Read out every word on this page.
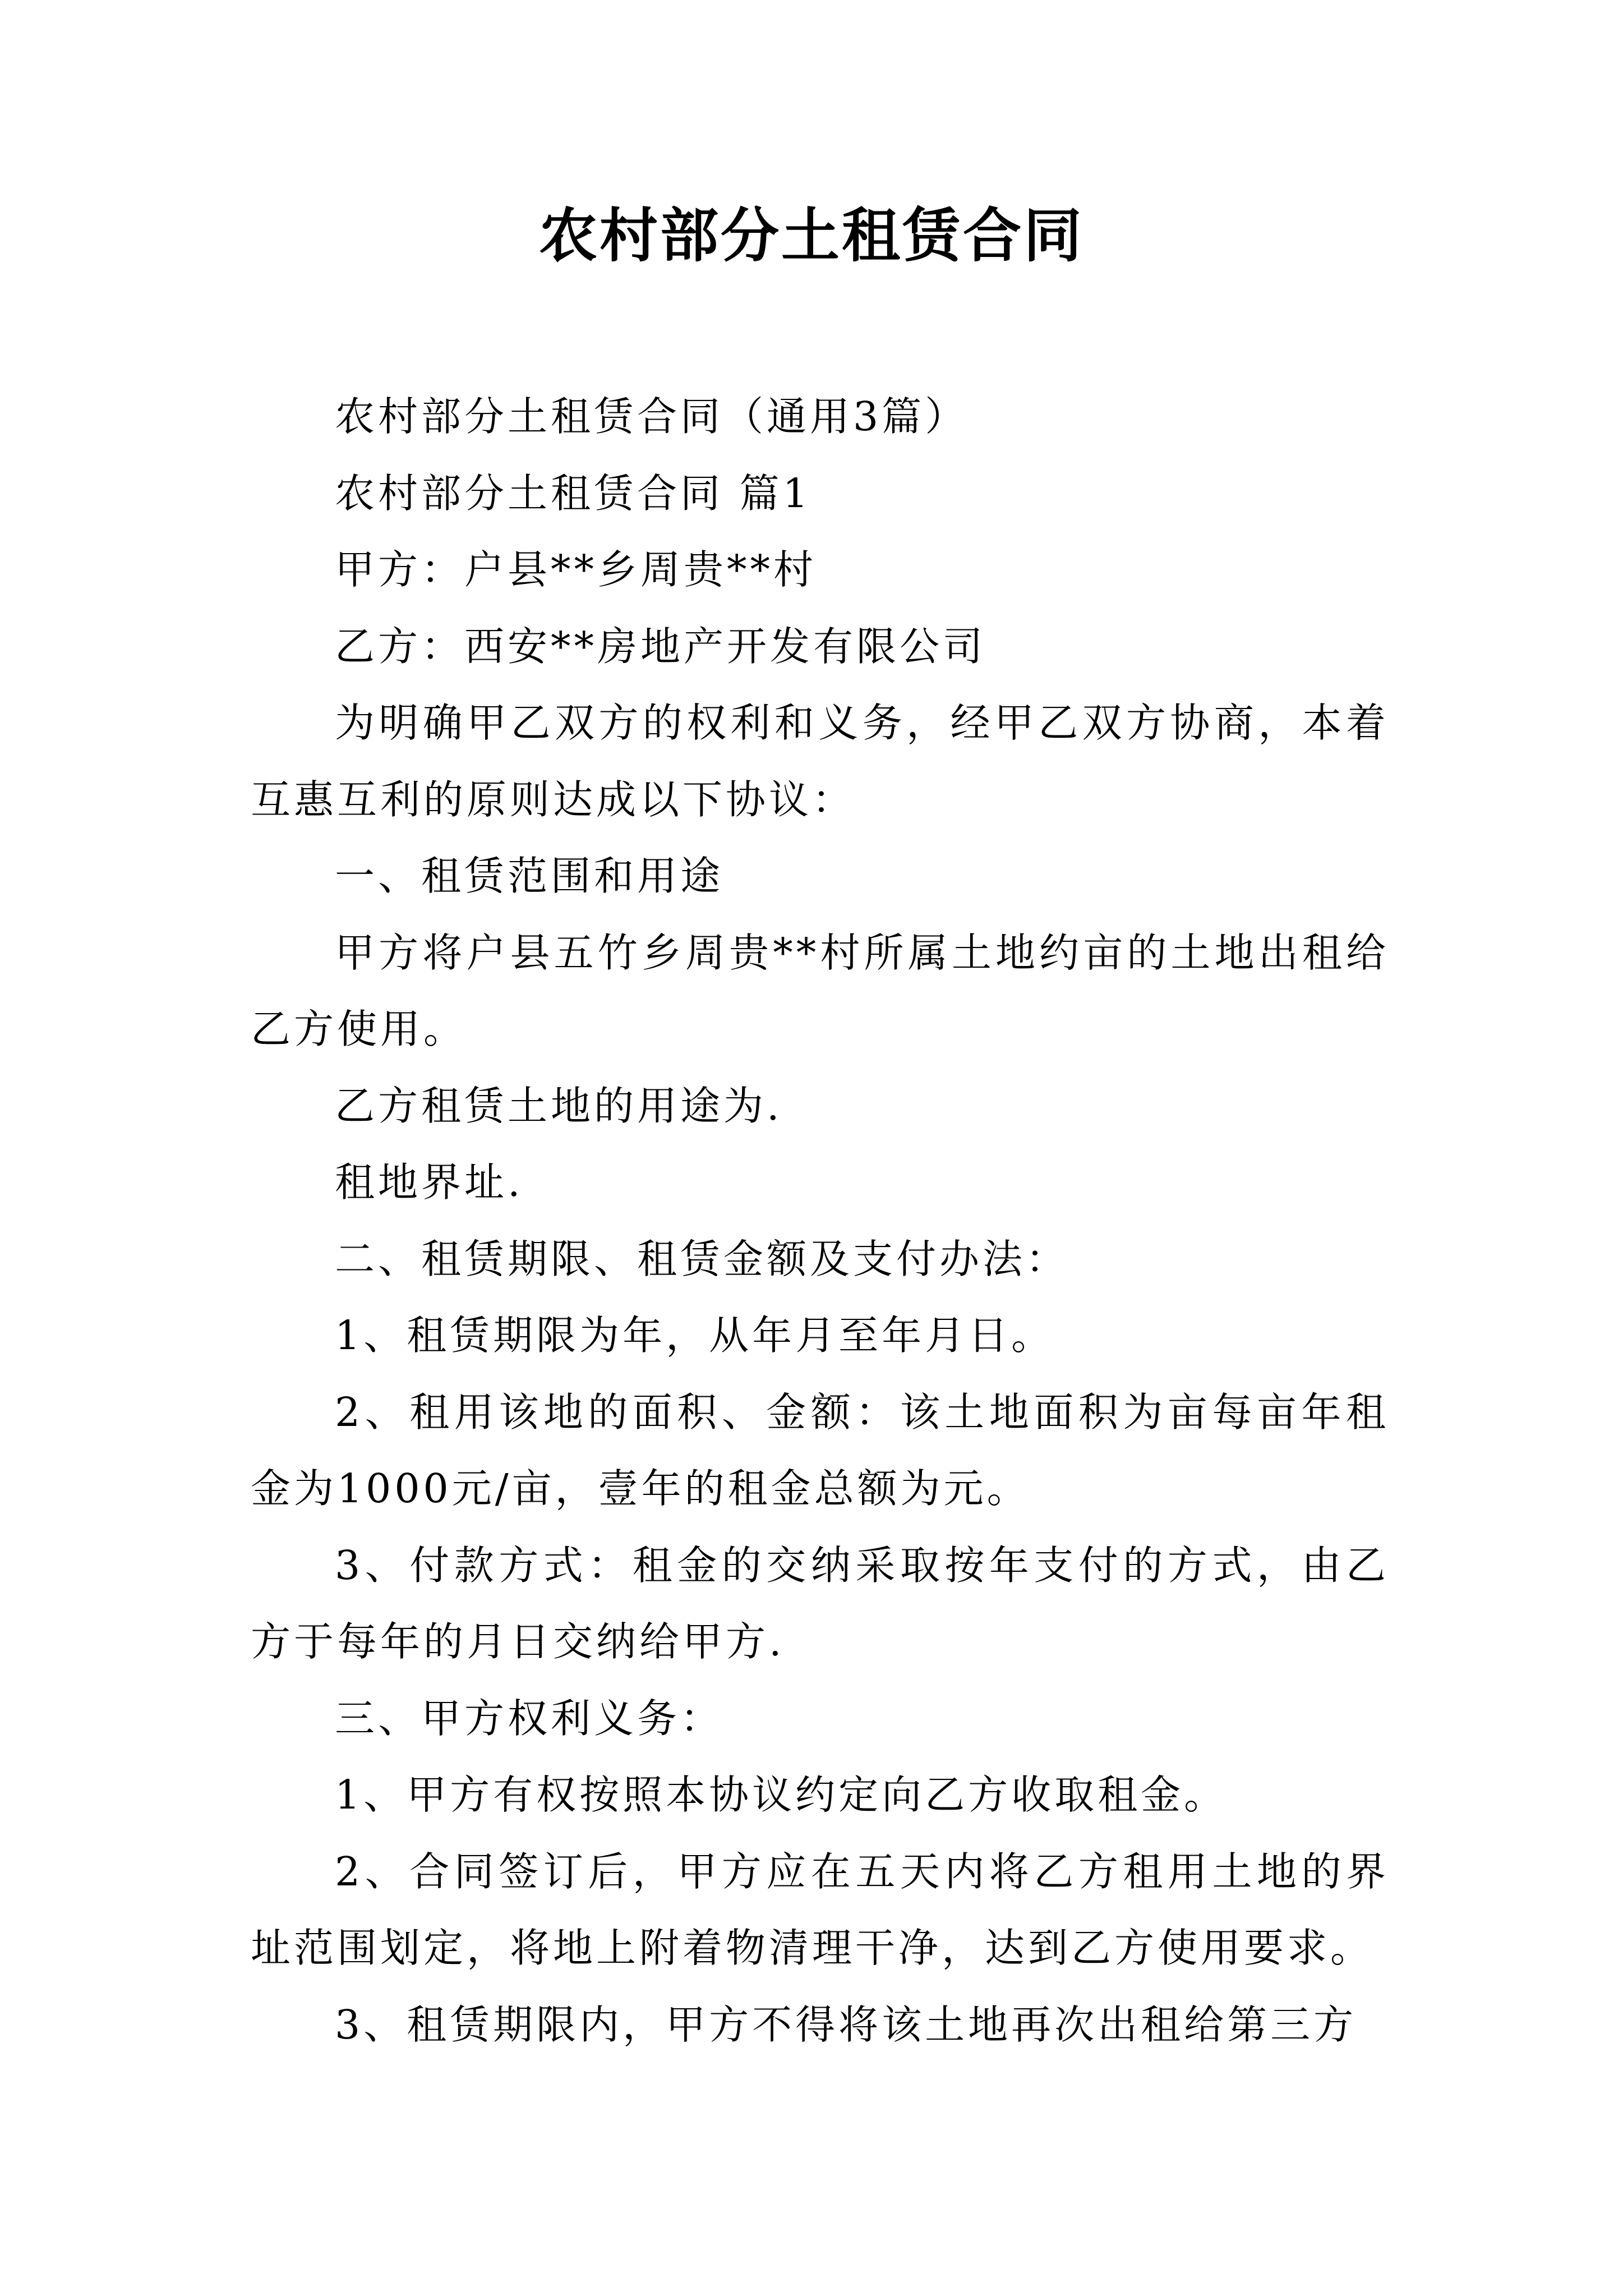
农村部分土租赁合同

农村部分土租赁合同（通用3篇）

农村部分土租赁合同 篇1

甲方：户县**乡周贵**村

乙方：西安**房地产开发有限公司

为明确甲乙双方的权利和义务，经甲乙双方协商，本着互惠互利的原则达成以下协议：

一、租赁范围和用途

甲方将户县五竹乡周贵**村所属土地约亩的土地出租给乙方使用。

乙方租赁土地的用途为.

租地界址.

二、租赁期限、租赁金额及支付办法：

1、租赁期限为年，从年月至年月日。

2、租用该地的面积、金额：该土地面积为亩每亩年租金为1000元/亩，壹年的租金总额为元。

3、付款方式：租金的交纳采取按年支付的方式，由乙方于每年的月日交纳给甲方.

三、甲方权利义务：

1、甲方有权按照本协议约定向乙方收取租金。

2、合同签订后，甲方应在五天内将乙方租用土地的界址范围划定，将地上附着物清理干净，达到乙方使用要求。

3、租赁期限内，甲方不得将该土地再次出租给第三方
